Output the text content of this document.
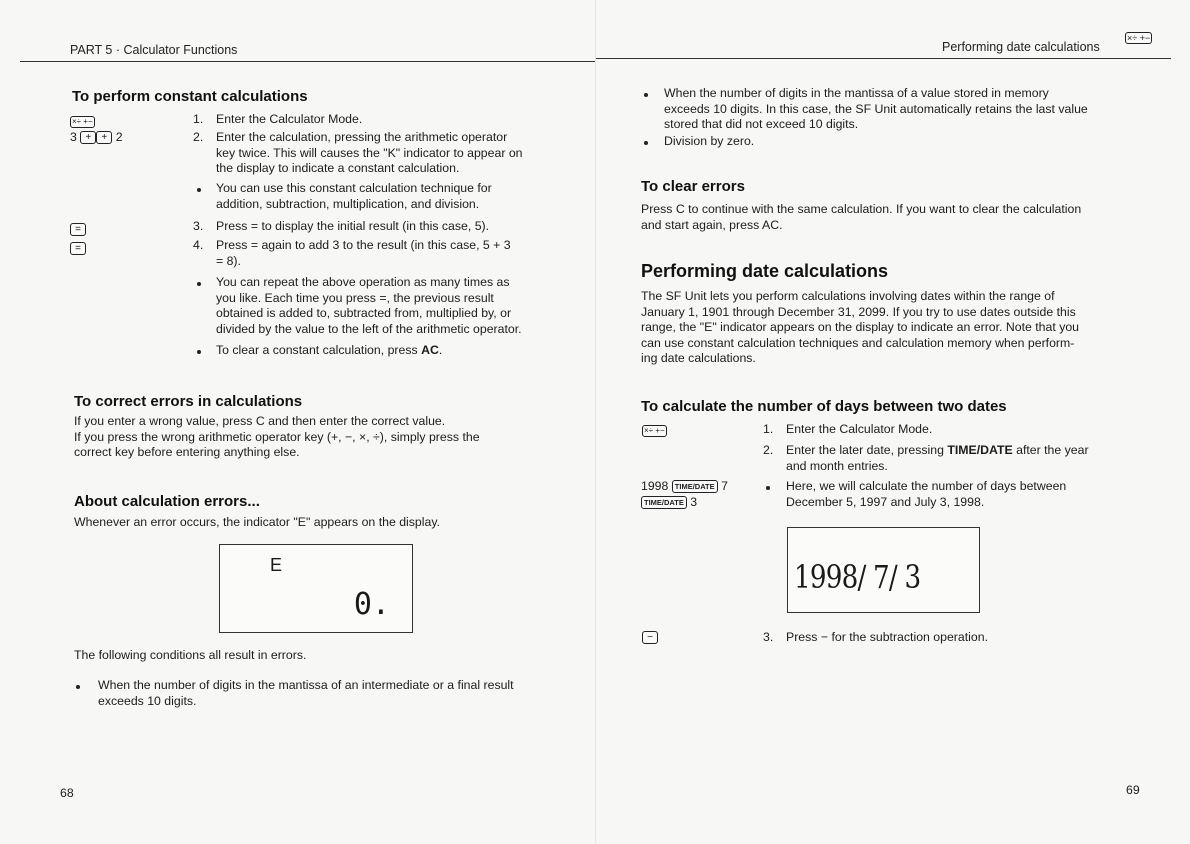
PART 5 · Calculator Functions
To perform constant calculations
×÷ +−
3 + + 2
=
=
1. Enter the Calculator Mode.
2. Enter the calculation, pressing the arithmetic operator
key twice. This will causes the "K" indicator to appear on
the display to indicate a constant calculation.
You can use this constant calculation technique for
addition, subtraction, multiplication, and division.
3. Press = to display the initial result (in this case, 5).
4. Press = again to add 3 to the result (in this case, 5 + 3
= 8).
You can repeat the above operation as many times as
you like. Each time you press =, the previous result
obtained is added to, subtracted from, multiplied by, or
divided by the value to the left of the arithmetic operator.
To clear a constant calculation, press AC.
To correct errors in calculations
If you enter a wrong value, press C and then enter the correct value.
If you press the wrong arithmetic operator key (+, −, ×, ÷), simply press the
correct key before entering anything else.
About calculation errors...
Whenever an error occurs, the indicator "E" appears on the display.
E
0.
The following conditions all result in errors.
When the number of digits in the mantissa of an intermediate or a final result
exceeds 10 digits.
68
Performing date calculations
×÷ +−
When the number of digits in the mantissa of a value stored in memory
exceeds 10 digits. In this case, the SF Unit automatically retains the last value
stored that did not exceed 10 digits.
Division by zero.
To clear errors
Press C to continue with the same calculation. If you want to clear the calculation
and start again, press AC.
Performing date calculations
The SF Unit lets you perform calculations involving dates within the range of
January 1, 1901 through December 31, 2099. If you try to use dates outside this
range, the "E" indicator appears on the display to indicate an error. Note that you
can use constant calculation techniques and calculation memory when perform-
ing date calculations.
To calculate the number of days between two dates
×÷ +−	1. Enter the Calculator Mode.
2. Enter the later date, pressing TIME/DATE after the year
and month entries.
1998 TIME/DATE 7
TIME/DATE 3
Here, we will calculate the number of days between
December 5, 1997 and July 3, 1998.
1998/ 7/ 3
−	3. Press − for the subtraction operation.
69
